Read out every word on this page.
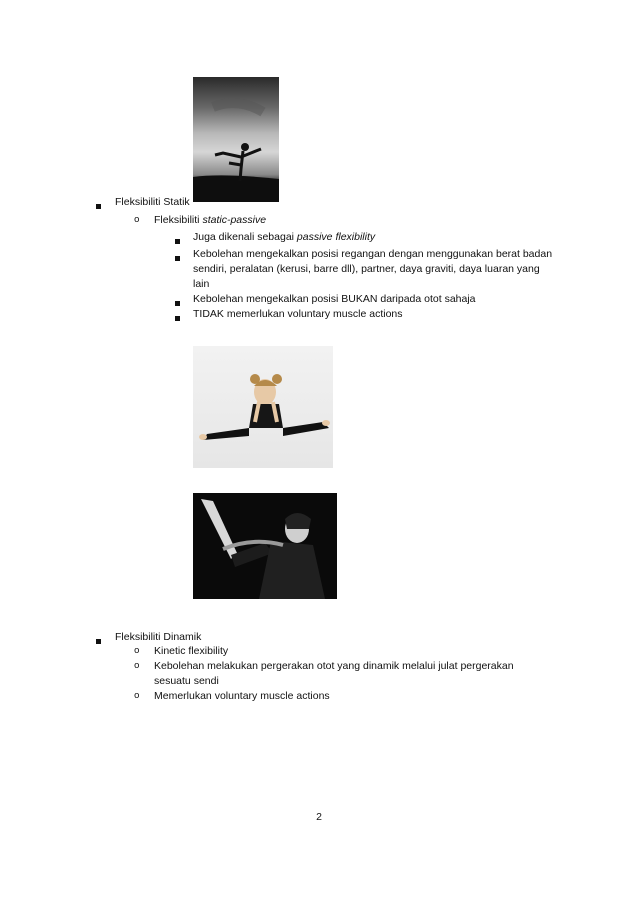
Fleksibiliti Statik
o Fleksibiliti static-passive
Juga dikenali sebagai passive flexibility
Kebolehan mengekalkan posisi regangan dengan menggunakan berat badan
sendiri, peralatan (kerusi, barre dll), partner, daya graviti, daya luaran yang
lain
Kebolehan mengekalkan posisi BUKAN daripada otot sahaja
TIDAK memerlukan voluntary muscle actions
Fleksibiliti Dinamik
o Kinetic flexibility
o Kebolehan melakukan pergerakan otot yang dinamik melalui julat pergerakan
sesuatu sendi
o Memerlukan voluntary muscle actions
2
